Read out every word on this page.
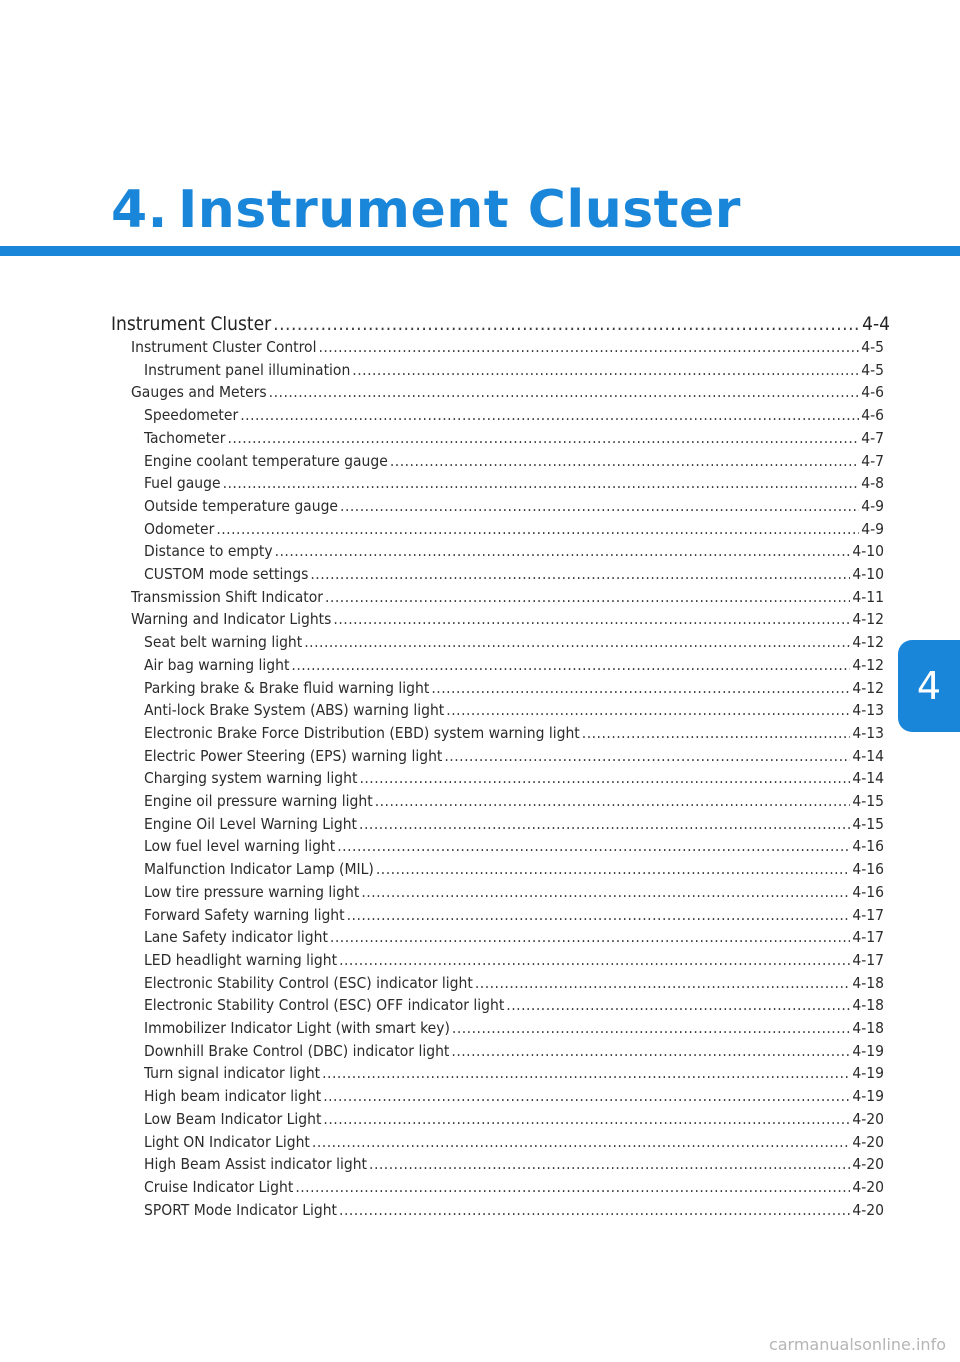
4. Instrument Cluster
Instrument Cluster .....	4-4
Instrument Cluster Control .....	4-5
Instrument panel illumination .....	4-5
Gauges and Meters .....	4-6
Speedometer .....	4-6
Tachometer .....	4-7
Engine coolant temperature gauge .....	4-7
Fuel gauge .....	4-8
Outside temperature gauge .....	4-9
Odometer .....	4-9
Distance to empty .....	4-10
CUSTOM mode settings .....	4-10
Transmission Shift Indicator .....	4-11
Warning and Indicator Lights .....	4-12
Seat belt warning light .....	4-12
Air bag warning light .....	4-12
Parking brake & Brake fluid warning light .....	4-12
Anti-lock Brake System (ABS) warning light .....	4-13
Electronic Brake Force Distribution (EBD) system warning light .....	4-13
Electric Power Steering (EPS) warning light .....	4-14
Charging system warning light .....	4-14
Engine oil pressure warning light .....	4-15
Engine Oil Level Warning Light .....	4-15
Low fuel level warning light .....	4-16
Malfunction Indicator Lamp (MIL) .....	4-16
Low tire pressure warning light .....	4-16
Forward Safety warning light .....	4-17
Lane Safety indicator light .....	4-17
LED headlight warning light .....	4-17
Electronic Stability Control (ESC) indicator light .....	4-18
Electronic Stability Control (ESC) OFF indicator light .....	4-18
Immobilizer Indicator Light (with smart key) .....	4-18
Downhill Brake Control (DBC) indicator light .....	4-19
Turn signal indicator light .....	4-19
High beam indicator light .....	4-19
Low Beam Indicator Light .....	4-20
Light ON Indicator Light .....	4-20
High Beam Assist indicator light .....	4-20
Cruise Indicator Light .....	4-20
SPORT Mode Indicator Light .....	4-20
4
carmanualsonline.info
